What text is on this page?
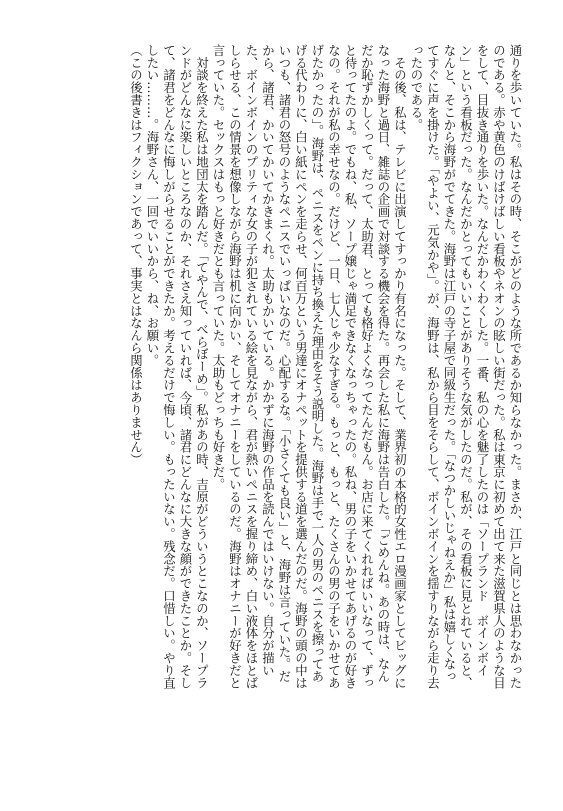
通りを歩いていた。私はその時、そこがどのような所であるか知らなかった。まさか、江戸と同じとは思わなかった
のである。赤や黄色のけばけばしい看板やネオンの眩しい街だった。私は東京に初めて出て来た滋賀県人のような目
をして、目抜き通りを歩いた。なんだかわくわくした。一番、私の心を魅了したのは「ソープランド　ボインボイ
ン」という看板だった。なんだかとってもいいことがありそうな気がしたのだ。私が、その看板に見とれていると、
なんと、そこから海野がでてきた。海野は江戸の寺子屋で同級生だった。「なつかしいじゃねえか」私は嬉しくなっ
てすぐに声を掛けた。「やよい、元気かや」。が、海野は、私から目をそらして、ボインボインを揺すりながら走り去
ったのである。
　その後、私は、テレビに出演してすっかり有名になった。そして、業界初の本格的女性エロ漫画家としてビッグに
なった海野と過日、雑誌の企画で対談する機会を得た。再会した私に海野は告白した。「ごめんね。あの時は、なん
だか恥ずかしくって。だって、太助君、とっても格好よくなってたんだもん。お店に来てくれればいいなって、ずっ
と待ってたのよ。でもね、私、ソープ嬢じゃ満足できなくなっちゃったの。私ね、男の子をいかせてあげるのが好き
なの。それが私の幸せなの。だけど、一日、七人じゃ少なすぎる。もっと、もっと、たくさんの男の子をいかせてあ
げたかったの」。海野は、ペニスをペンに持ち換えた理由をそう説明した。海野は手で一人の男のペニスを擦ってあ
げる代わりに、白い紙にペンを走らせ、何百万という男達にオナペットを提供する道を選んだのだ。海野の頭の中は
いつも、諸君の怒号のようなペニスでいっぱいなのだ。心配するな。「小さくても良い」と、海野は言っていた。だ
から、諸君、かいてかいてかきまくれ。太助もかいている。かかずに海野の作品を読んではいけない。自分が描い
た、ボインボインのプリティな女の子が犯されている絵を見ながら、君が熱いペニスを握り締め、白い液体をほとば
しらせる、この情景を想像しながら海野は机に向かい、そしてオナニーをしているのだ。海野はオナニーが好きだと
言っていた。セックスはもっと好きだとも言っていた。太助もどっちも好きだ。
　対談を終えた私は地団太を踏んだ。「てやんで、べらぼーめ」。私があの時、吉原がどういうとこなのか、ソープラ
ンドがどんなに楽しいところなのか、それさえ知っていれば、今頃、諸君にどんなに大きな顔ができたことか。そし
て、諸君をどんなに悔しがらせることができたか。考えるだけで悔しい。もったいない。残念だ。口惜しい。やり直
したい………。海野さん、一回でいいから、ね、お願い。
（この後書きはフィクションであって、事実とはなんら関係はありません）
